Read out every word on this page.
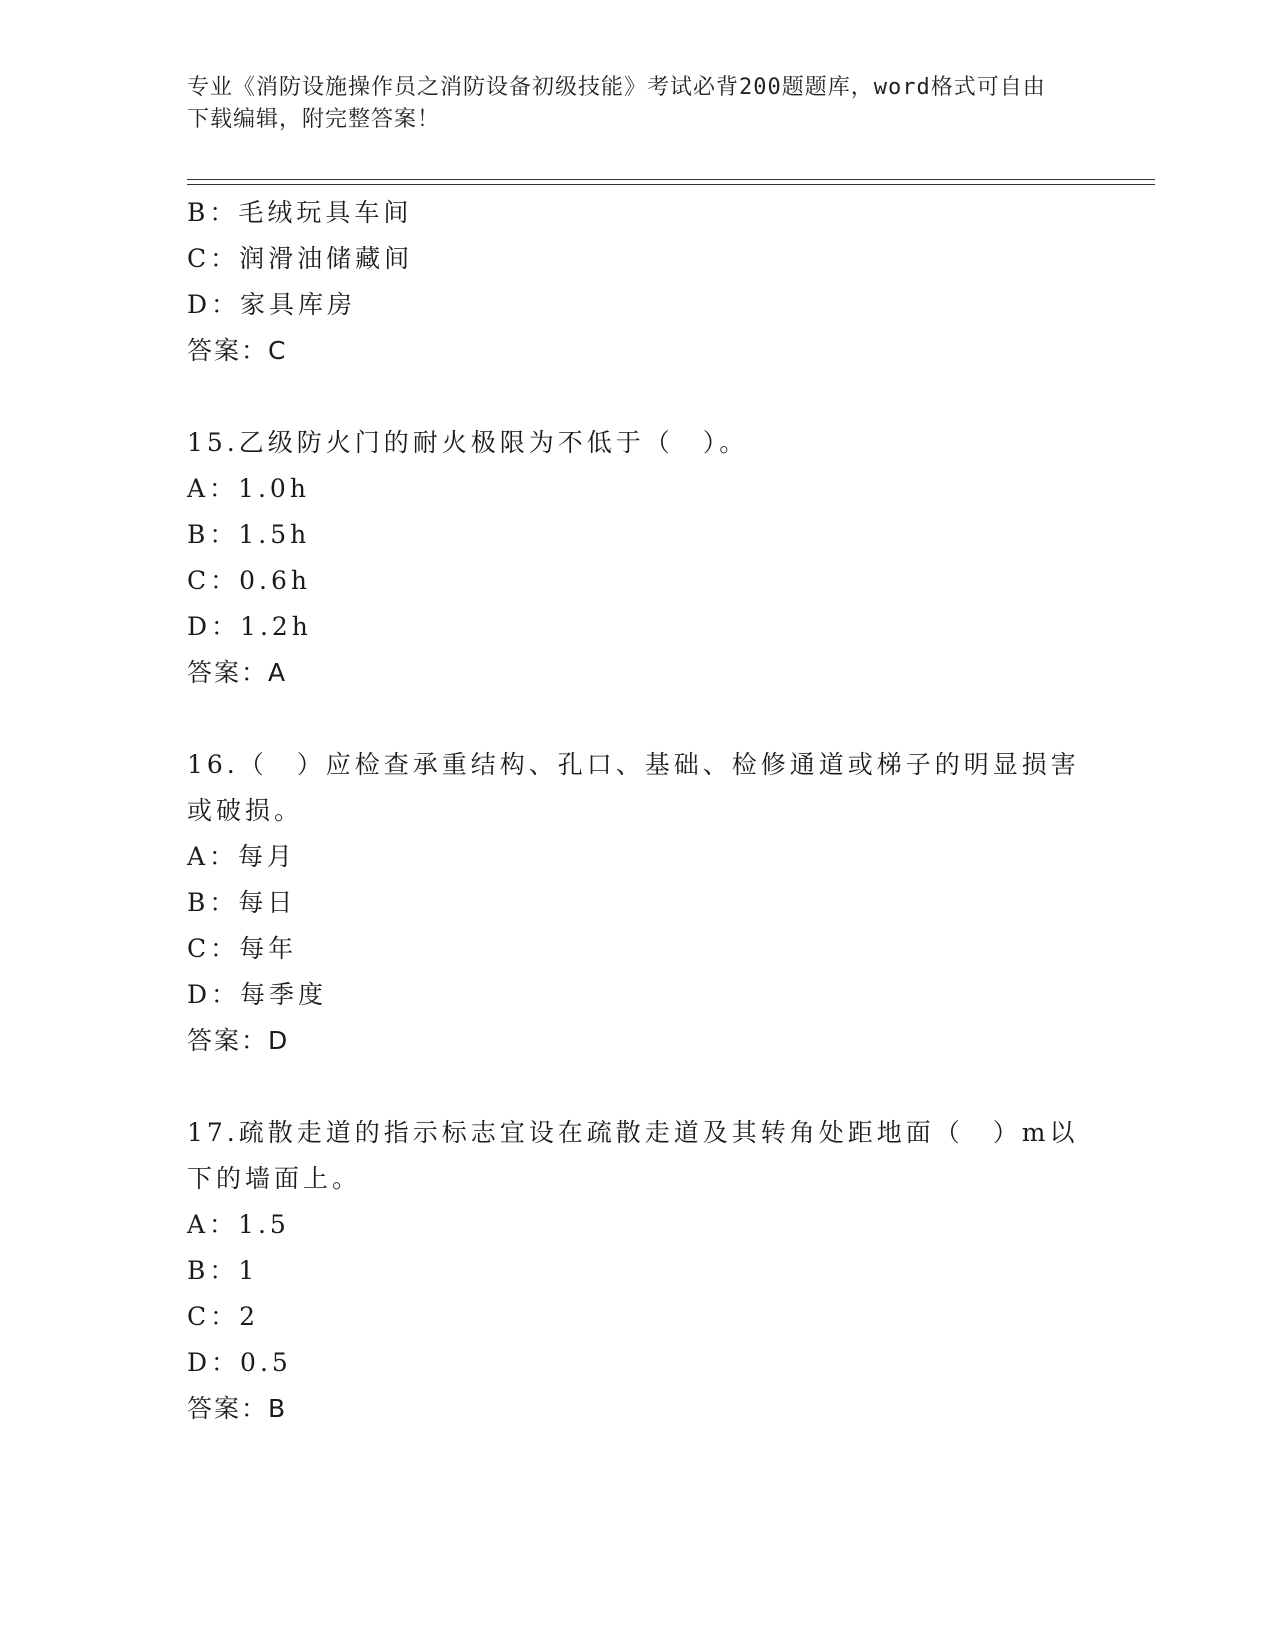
专业《消防设施操作员之消防设备初级技能》考试必背200题题库，word格式可自由下载编辑，附完整答案！
B：毛绒玩具车间
C：润滑油储藏间
D：家具库房
答案：C
15.乙级防火门的耐火极限为不低于（　）。
A：1.0h
B：1.5h
C：0.6h
D：1.2h
答案：A
16.（　）应检查承重结构、孔口、基础、检修通道或梯子的明显损害
或破损。
A：每月
B：每日
C：每年
D：每季度
答案：D
17.疏散走道的指示标志宜设在疏散走道及其转角处距地面（　）m以
下的墙面上。
A：1.5
B：1
C：2
D：0.5
答案：B
